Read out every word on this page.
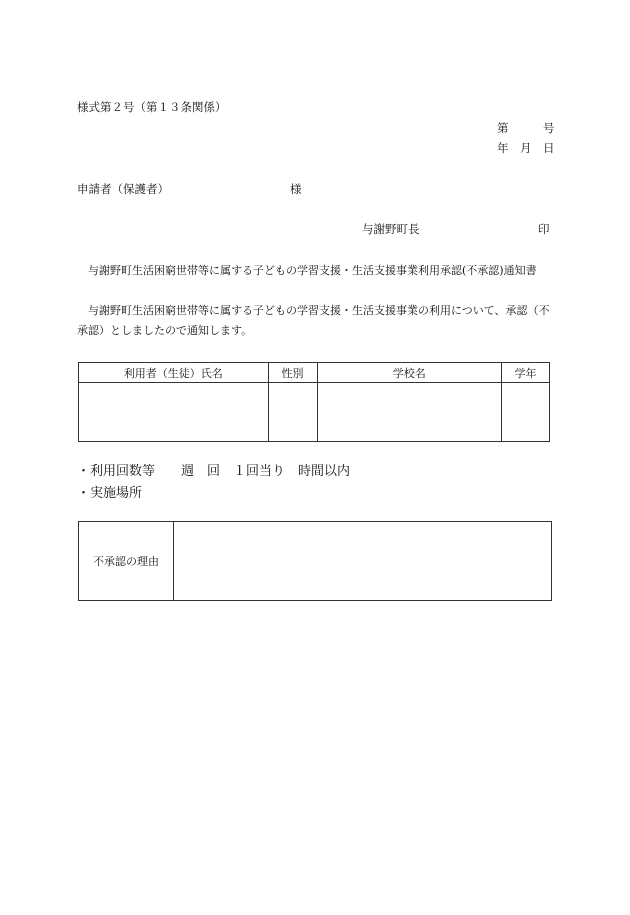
様式第２号（第１３条関係）
第　　　号
年　月　日
申請者（保護者）	様
与謝野町長	印
与謝野町生活困窮世帯等に属する子どもの学習支援・生活支援事業利用承認(不承認)通知書
与謝野町生活困窮世帯等に属する子どもの学習支援・生活支援事業の利用について、承認（不
承認）としましたので通知します。
利用者（生徒）氏名	性別	学校名	学年

・利用回数等　　週　回　１回当り　時間以内
・実施場所
不承認の理由	
